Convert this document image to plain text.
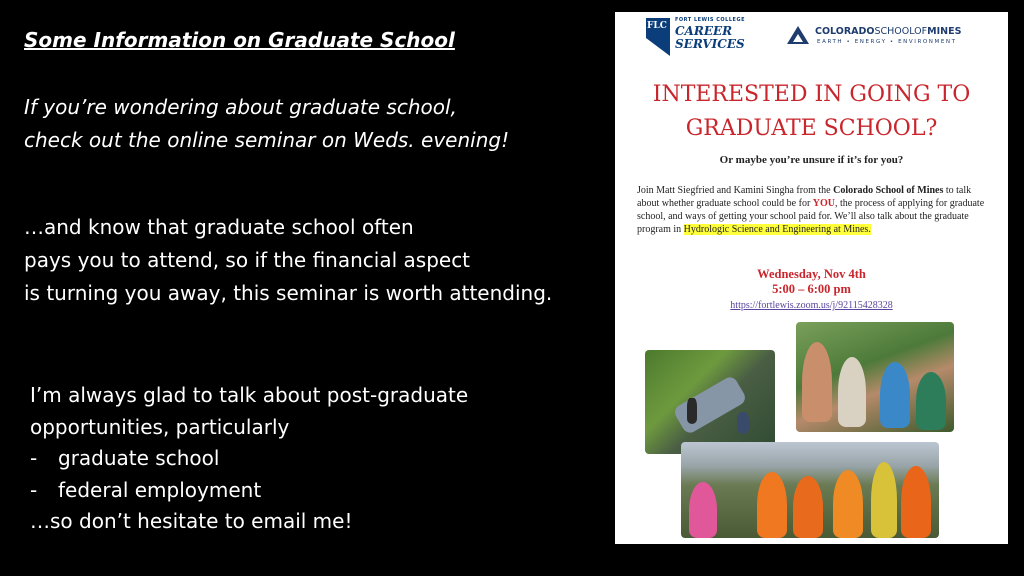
Some Information on Graduate School
If you’re wondering about graduate school,
check out the online seminar on Weds. evening!
…and know that graduate school often
pays you to attend, so if the financial aspect
is turning you away, this seminar is worth attending.
I’m always glad to talk about post-graduate
opportunities, particularly
-	graduate school
-	federal employment
…so don’t hesitate to email me!
FLC
FORT LEWIS COLLEGE
CAREER
SERVICES
COLORADOSCHOOLOFMINES
EARTH • ENERGY • ENVIRONMENT
INTERESTED IN GOING TO
GRADUATE SCHOOL?
Or maybe you’re unsure if it’s for you?
Join Matt Siegfried and Kamini Singha from the Colorado School of Mines to talk about whether graduate school could be for YOU, the process of applying for graduate school, and ways of getting your school paid for. We’ll also talk about the graduate program in Hydrologic Science and Engineering at Mines.
Wednesday, Nov 4th
5:00 – 6:00 pm
https://fortlewis.zoom.us/j/92115428328
